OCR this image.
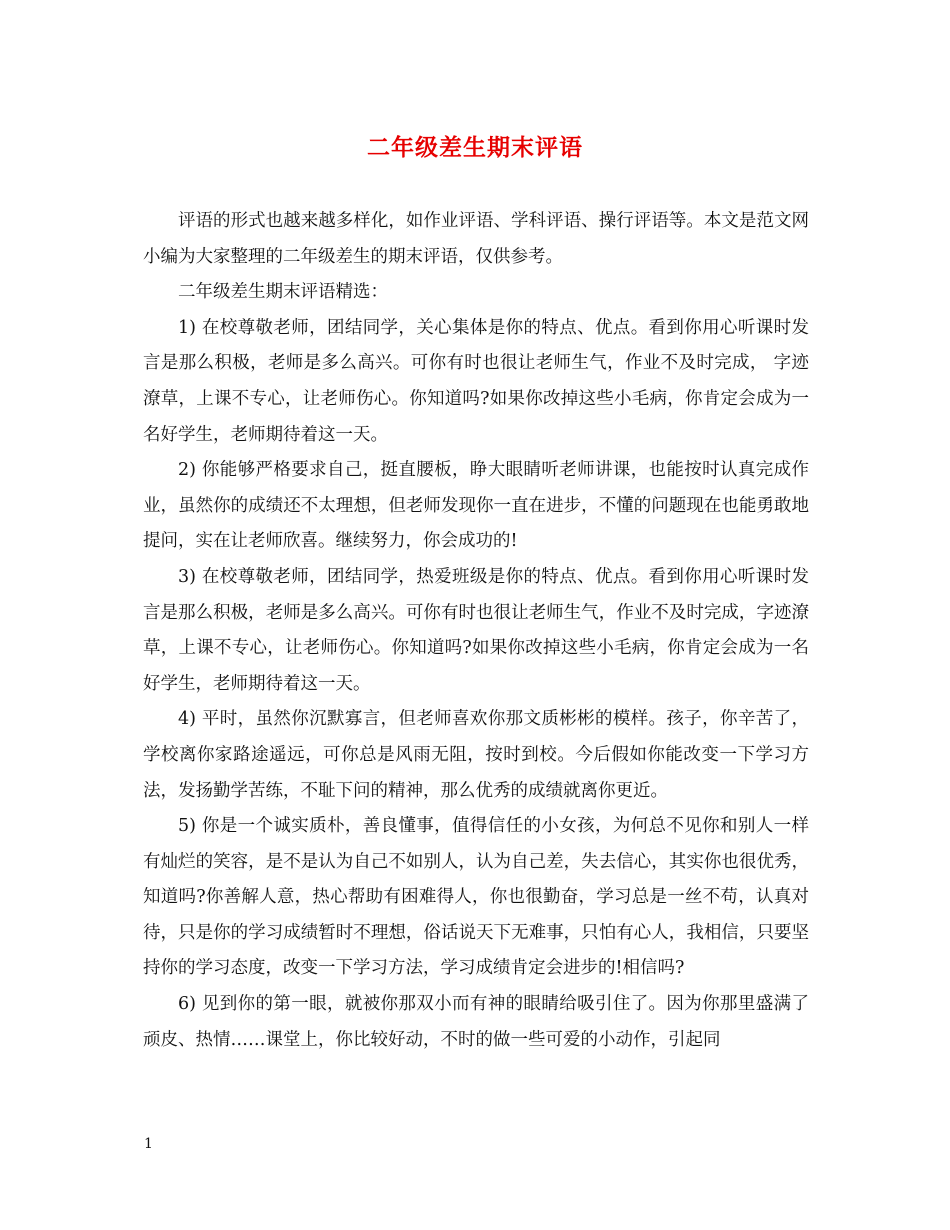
二年级差生期末评语

评语的形式也越来越多样化，如作业评语、学科评语、操行评语等。本文是范文网小编为大家整理的二年级差生的期末评语，仅供参考。

二年级差生期末评语精选：

1) 在校尊敬老师，团结同学，关心集体是你的特点、优点。看到你用心听课时发言是那么积极，老师是多么高兴。可你有时也很让老师生气，作业不及时完成， 字迹潦草，上课不专心，让老师伤心。你知道吗?如果你改掉这些小毛病，你肯定会成为一名好学生，老师期待着这一天。

2) 你能够严格要求自己，挺直腰板，睁大眼睛听老师讲课，也能按时认真完成作业，虽然你的成绩还不太理想，但老师发现你一直在进步，不懂的问题现在也能勇敢地提问，实在让老师欣喜。继续努力，你会成功的!

3) 在校尊敬老师，团结同学，热爱班级是你的特点、优点。看到你用心听课时发言是那么积极，老师是多么高兴。可你有时也很让老师生气，作业不及时完成，字迹潦草，上课不专心，让老师伤心。你知道吗?如果你改掉这些小毛病，你肯定会成为一名好学生，老师期待着这一天。

4) 平时，虽然你沉默寡言，但老师喜欢你那文质彬彬的模样。孩子，你辛苦了，学校离你家路途遥远，可你总是风雨无阻，按时到校。今后假如你能改变一下学习方法，发扬勤学苦练，不耻下问的精神，那么优秀的成绩就离你更近。

5) 你是一个诚实质朴，善良懂事，值得信任的小女孩，为何总不见你和别人一样有灿烂的笑容，是不是认为自己不如别人，认为自己差，失去信心，其实你也很优秀，知道吗?你善解人意，热心帮助有困难得人，你也很勤奋，学习总是一丝不苟，认真对待，只是你的学习成绩暂时不理想，俗话说天下无难事，只怕有心人，我相信，只要坚持你的学习态度，改变一下学习方法，学习成绩肯定会进步的!相信吗?

6) 见到你的第一眼，就被你那双小而有神的眼睛给吸引住了。因为你那里盛满了顽皮、热情……课堂上，你比较好动，不时的做一些可爱的小动作，引起同

1
